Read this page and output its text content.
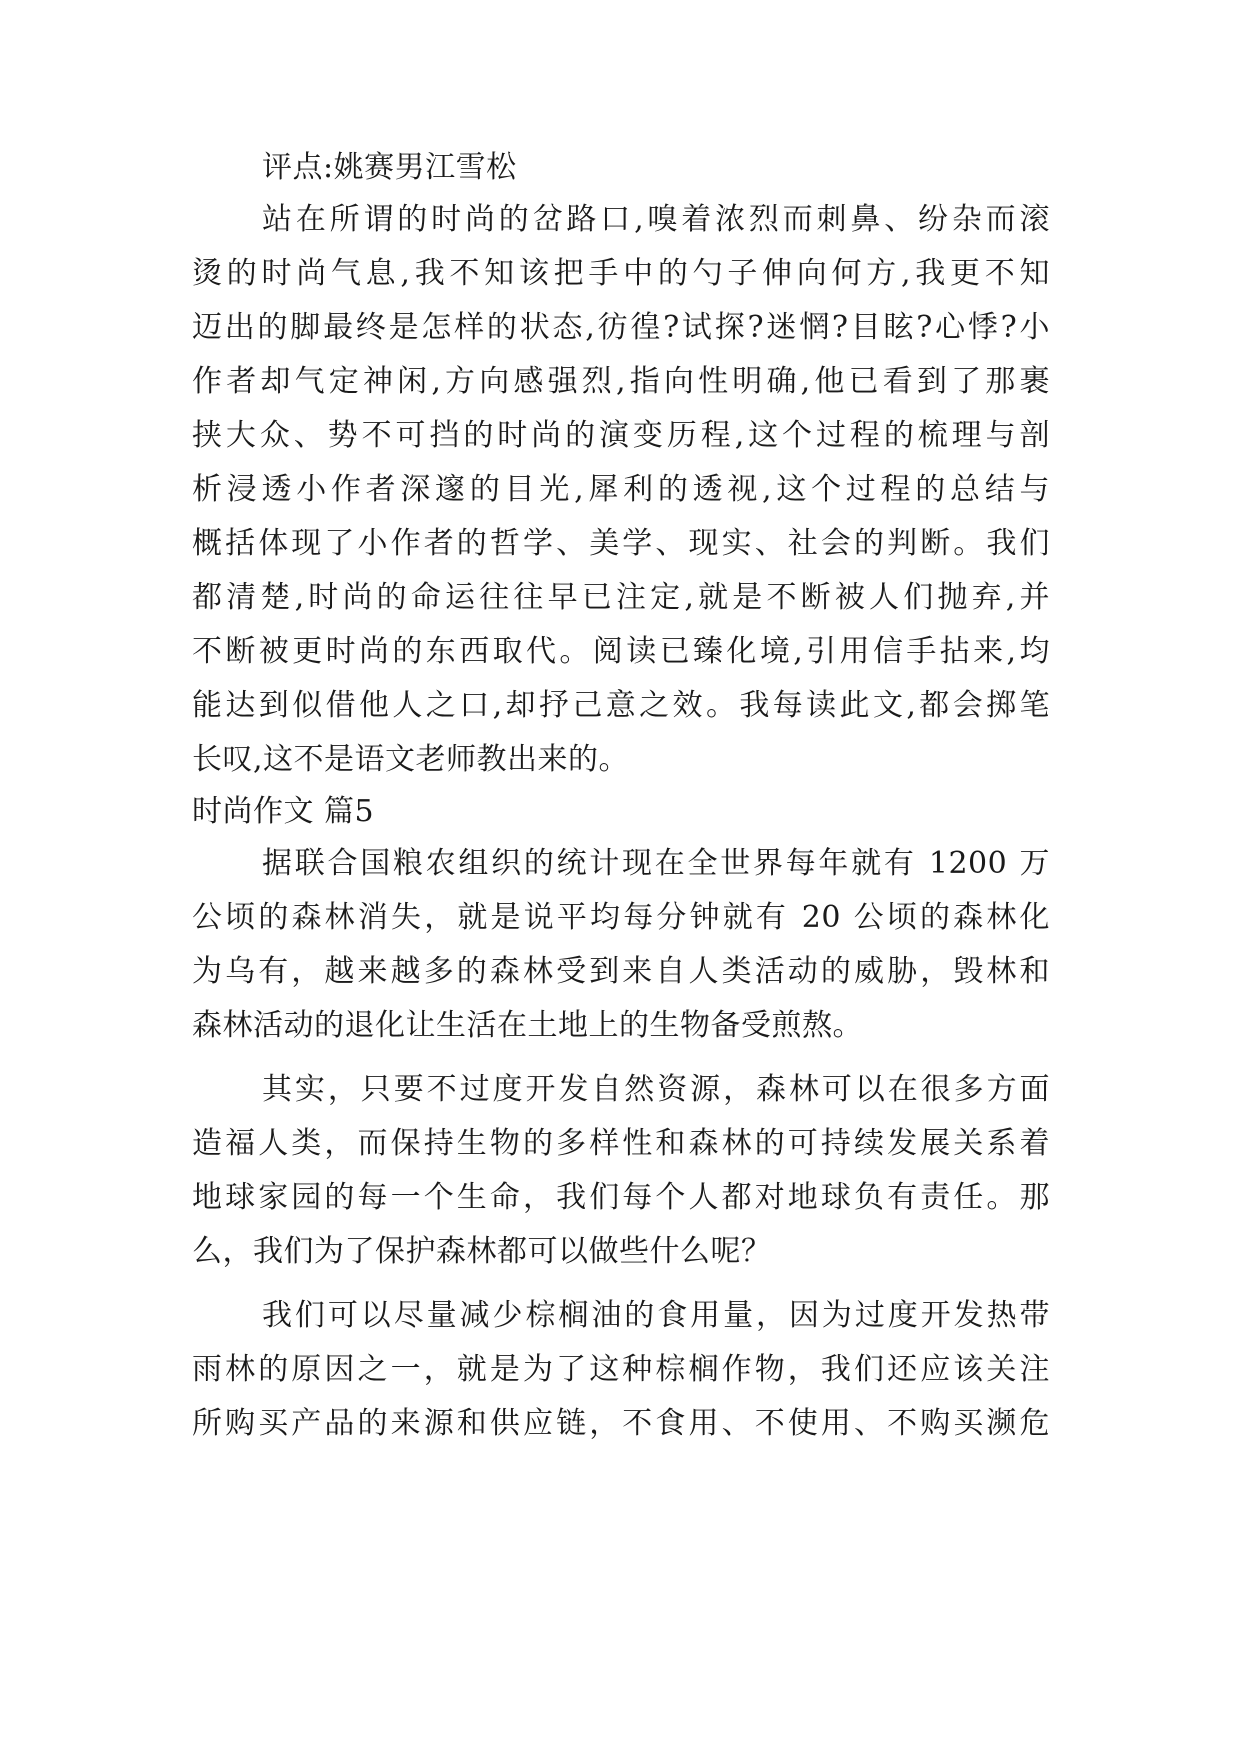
评点:姚赛男江雪松
站在所谓的时尚的岔路口,嗅着浓烈而刺鼻、纷杂而滚
烫的时尚气息,我不知该把手中的勺子伸向何方,我更不知
迈出的脚最终是怎样的状态,彷徨?试探?迷惘?目眩?心悸?小
作者却气定神闲,方向感强烈,指向性明确,他已看到了那裹
挟大众、势不可挡的时尚的演变历程,这个过程的梳理与剖
析浸透小作者深邃的目光,犀利的透视,这个过程的总结与
概括体现了小作者的哲学、美学、现实、社会的判断。我们
都清楚,时尚的命运往往早已注定,就是不断被人们抛弃,并
不断被更时尚的东西取代。阅读已臻化境,引用信手拈来,均
能达到似借他人之口,却抒己意之效。我每读此文,都会掷笔
长叹,这不是语文老师教出来的。
时尚作文 篇5
据联合国粮农组织的统计现在全世界每年就有 1200 万
公顷的森林消失，就是说平均每分钟就有 20 公顷的森林化
为乌有，越来越多的森林受到来自人类活动的威胁，毁林和
森林活动的退化让生活在土地上的生物备受煎熬。
其实，只要不过度开发自然资源，森林可以在很多方面
造福人类，而保持生物的多样性和森林的可持续发展关系着
地球家园的每一个生命，我们每个人都对地球负有责任。那
么，我们为了保护森林都可以做些什么呢？
我们可以尽量减少棕榈油的食用量，因为过度开发热带
雨林的原因之一，就是为了这种棕榈作物，我们还应该关注
所购买产品的来源和供应链，不食用、不使用、不购买濒危
